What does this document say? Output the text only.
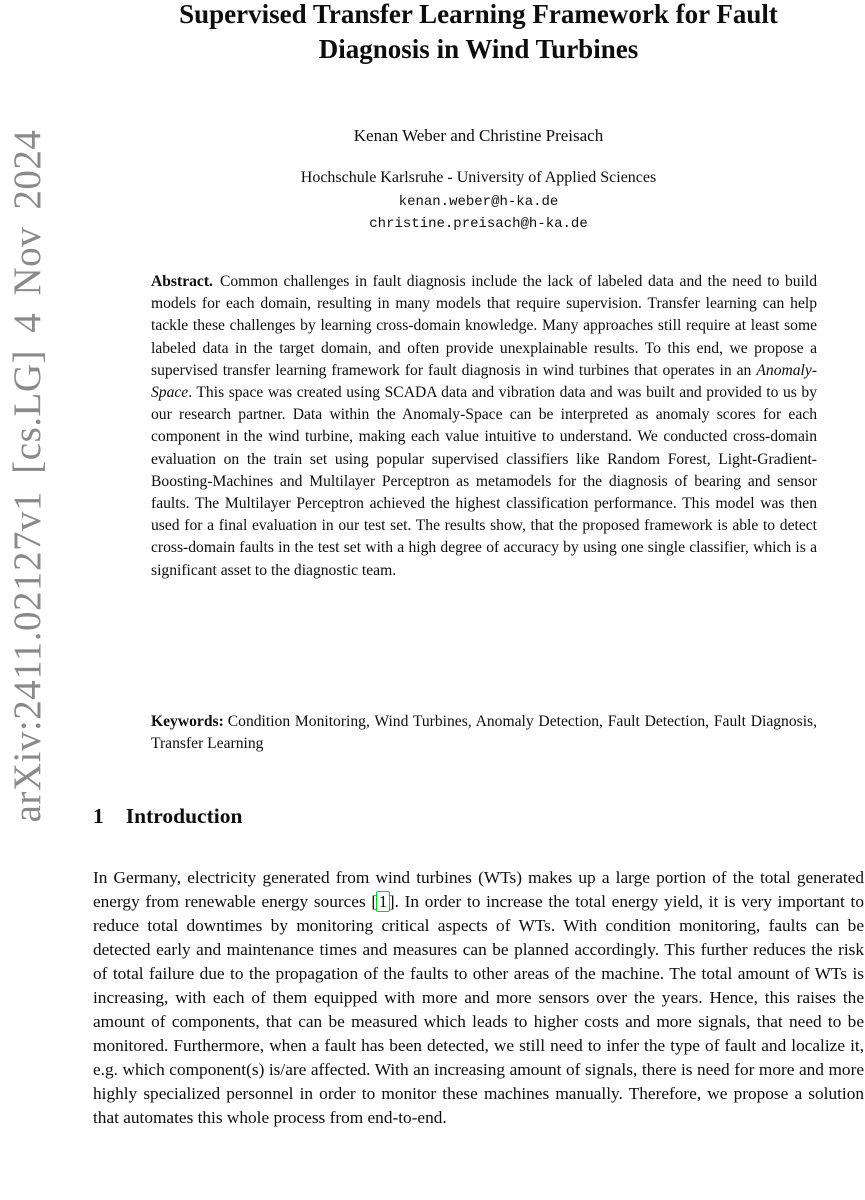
arXiv:2411.02127v1 [cs.LG] 4 Nov 2024
Supervised Transfer Learning Framework for Fault
Diagnosis in Wind Turbines
Kenan Weber and Christine Preisach
Hochschule Karlsruhe - University of Applied Sciences
kenan.weber@h-ka.de
christine.preisach@h-ka.de

Abstract. Common challenges in fault diagnosis include the lack of labeled data and the need to build models for each domain, resulting in many models that require supervision. Transfer learning can help tackle these challenges by learning cross-domain knowledge. Many approaches still require at least some labeled data in the target domain, and often provide unexplainable results. To this end, we propose a supervised transfer learning framework for fault diagnosis in wind turbines that operates in an Anomaly-Space. This space was created using SCADA data and vibration data and was built and provided to us by our research partner. Data within the Anomaly-Space can be interpreted as anomaly scores for each component in the wind turbine, making each value intuitive to understand. We conducted cross-domain evaluation on the train set using popular supervised classifiers like Random Forest, Light-Gradient-Boosting-Machines and Multilayer Perceptron as metamodels for the diagnosis of bearing and sensor faults. The Multilayer Perceptron achieved the highest classification performance. This model was then used for a final evaluation in our test set. The results show, that the proposed framework is able to detect cross-domain faults in the test set with a high degree of accuracy by using one single classifier, which is a significant asset to the diagnostic team.

Keywords: Condition Monitoring, Wind Turbines, Anomaly Detection, Fault Detection, Fault Diagnosis, Transfer Learning

1 Introduction

In Germany, electricity generated from wind turbines (WTs) makes up a large portion of the total generated energy from renewable energy sources [1]. In order to increase the total energy yield, it is very important to reduce total downtimes by monitoring critical aspects of WTs. With condition monitoring, faults can be detected early and maintenance times and measures can be planned accordingly. This further reduces the risk of total failure due to the propagation of the faults to other areas of the machine. The total amount of WTs is increasing, with each of them equipped with more and more sensors over the years. Hence, this raises the amount of components, that can be measured which leads to higher costs and more signals, that need to be monitored. Furthermore, when a fault has been detected, we still need to infer the type of fault and localize it, e.g. which component(s) is/are affected. With an increasing amount of signals, there is need for more and more highly specialized personnel in order to monitor these machines manually. Therefore, we propose a solution that automates this whole process from end-to-end.
